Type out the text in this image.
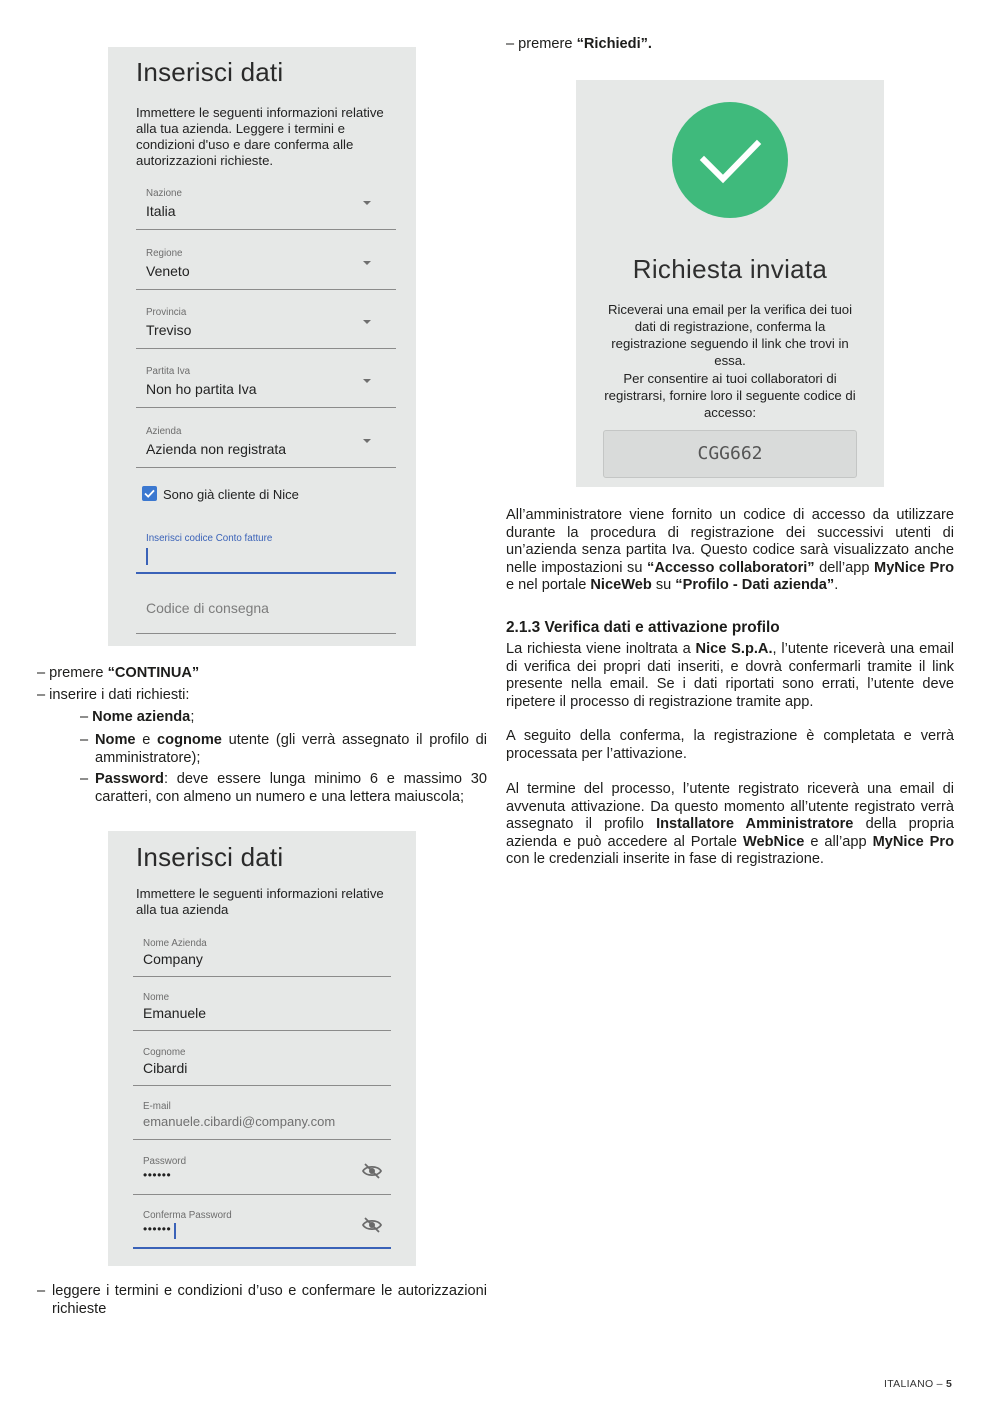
Inserisci dati
Immettere le seguenti informazioni relative alla tua azienda. Leggere i termini e condizioni d'uso e dare conferma alle autorizzazioni richieste.
Nazione
Italia
Regione
Veneto
Provincia
Treviso
Partita Iva
Non ho partita Iva
Azienda
Azienda non registrata
Sono già cliente di Nice
Inserisci codice Conto fatture
Codice di consegna
– premere “CONTINUA”
– inserire i dati richiesti:
– Nome azienda;
– Nome e cognome utente (gli verrà assegnato il profilo di amministratore);
– Password: deve essere lunga minimo 6 e massimo 30 caratteri, con almeno un numero e una lettera maiuscola;
Inserisci dati
Immettere le seguenti informazioni relative alla tua azienda
Nome Azienda
Company
Nome
Emanuele
Cognome
Cibardi
E-mail
emanuele.cibardi@company.com
Password
••••••
Conferma Password
••••••
– leggere i termini e condizioni d’uso e confermare le autorizzazioni richieste
– premere “Richiedi”.
Richiesta inviata
Riceverai una email per la verifica dei tuoi dati di registrazione, conferma la registrazione seguendo il link che trovi in essa.
Per consentire ai tuoi collaboratori di registrarsi, fornire loro il seguente codice di accesso:
CGG662
All’amministratore viene fornito un codice di accesso da utilizzare durante la procedura di registrazione dei successivi utenti di un’azienda senza partita Iva. Questo codice sarà visualizzato anche nelle impostazioni su “Accesso collaboratori” dell’app MyNice Pro e nel portale NiceWeb su “Profilo - Dati azienda”.
2.1.3 Verifica dati e attivazione profilo
La richiesta viene inoltrata a Nice S.p.A., l’utente riceverà una email di verifica dei propri dati inseriti, e dovrà confermarli tramite il link presente nella email. Se i dati riportati sono errati, l’utente deve ripetere il processo di registrazione tramite app.
A seguito della conferma, la registrazione è completata e verrà processata per l’attivazione.
Al termine del processo, l’utente registrato riceverà una email di avvenuta attivazione. Da questo momento all’utente registrato verrà assegnato il profilo Installatore Amministratore della propria azienda e può accedere al Portale WebNice e all’app MyNice Pro con le credenziali inserite in fase di registrazione.
ITALIANO – 5
